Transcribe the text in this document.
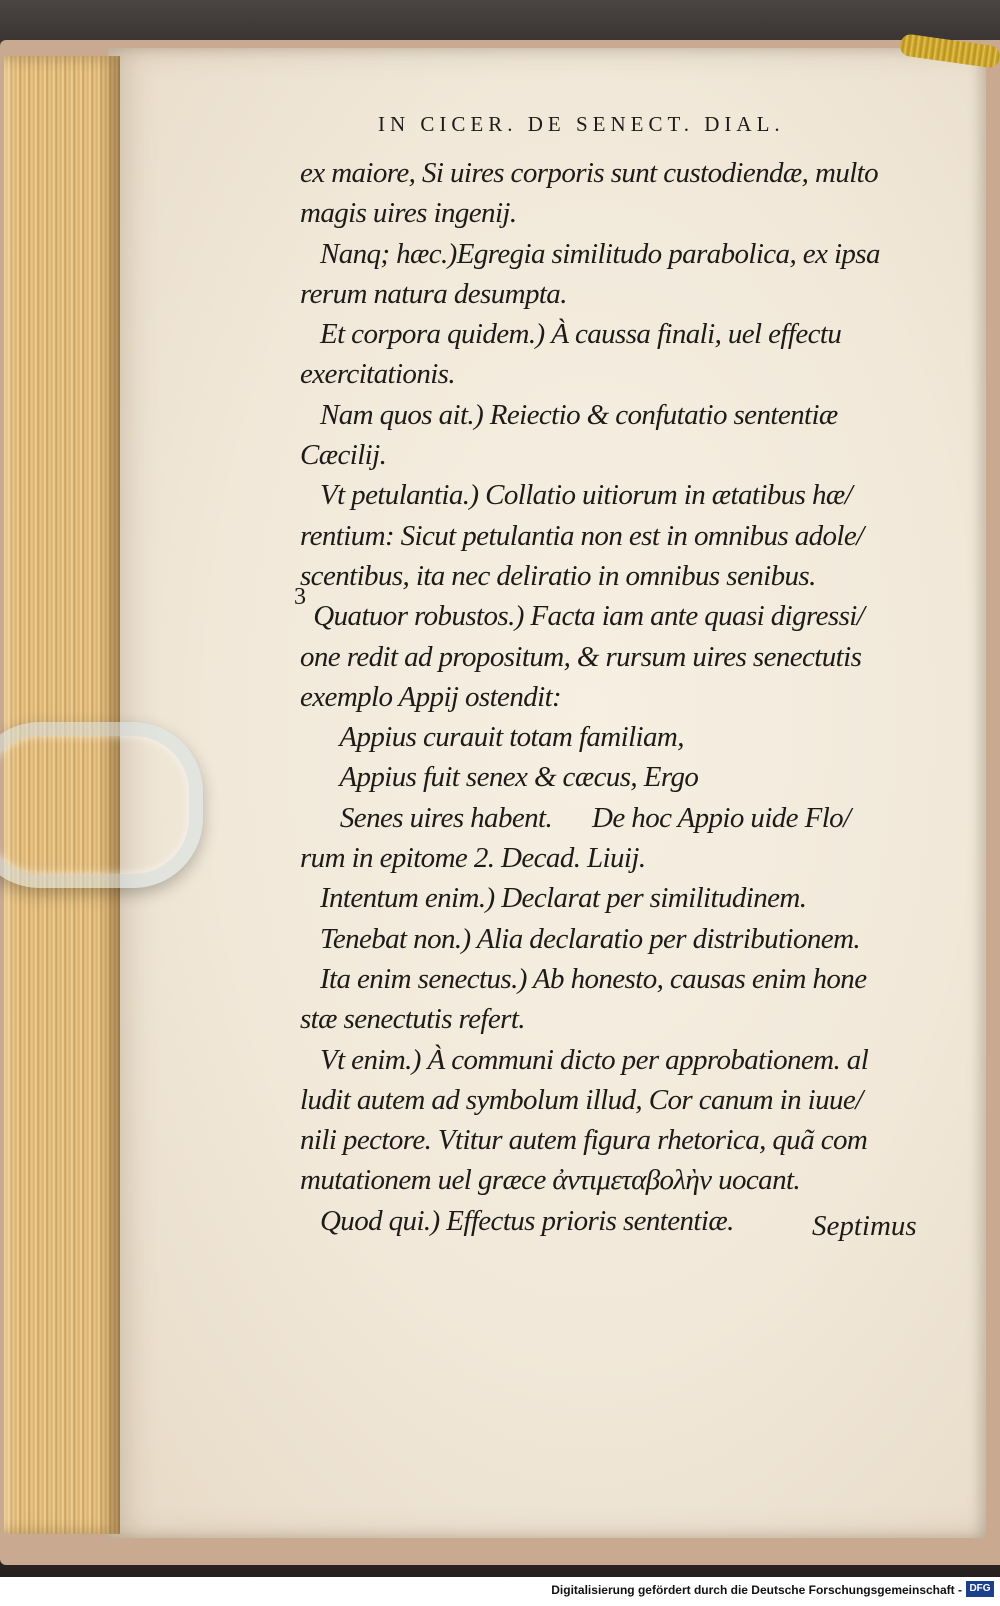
IN CICER. DE SENECT. DIAL.
3
ex maiore, Si uires corporis sunt custodiendæ, multo
magis uires ingenij.
Nanq; hæc.)Egregia similitudo parabolica, ex ipsa
rerum natura desumpta.
Et corpora quidem.) À caussa finali, uel effectu
exercitationis.
Nam quos ait.) Reiectio & confutatio sententiæ
Cæcilij.
Vt petulantia.) Collatio uitiorum in ætatibus hæ/
rentium: Sicut petulantia non est in omnibus adole/
scentibus, ita nec deliratio in omnibus senibus.
Quatuor robustos.) Facta iam ante quasi digressi/
one redit ad propositum, & rursum uires senectutis
exemplo Appij ostendit:
Appius curauit totam familiam,
Appius fuit senex & cæcus, Ergo
Senes uires habent.      De hoc Appio uide Flo/
rum in epitome 2. Decad. Liuij.
Intentum enim.) Declarat per similitudinem.
Tenebat non.) Alia declaratio per distributionem.
Ita enim senectus.) Ab honesto, causas enim hone
stæ senectutis refert.
Vt enim.) À communi dicto per approbationem. al
ludit autem ad symbolum illud, Cor canum in iuue/
nili pectore. Vtitur autem figura rhetorica, quã com
mutationem uel græce ἀντιμεταβολὴν uocant.
Quod qui.) Effectus prioris sententiæ.	Septimus
Digitalisierung gefördert durch die Deutsche Forschungsgemeinschaft - DFG
